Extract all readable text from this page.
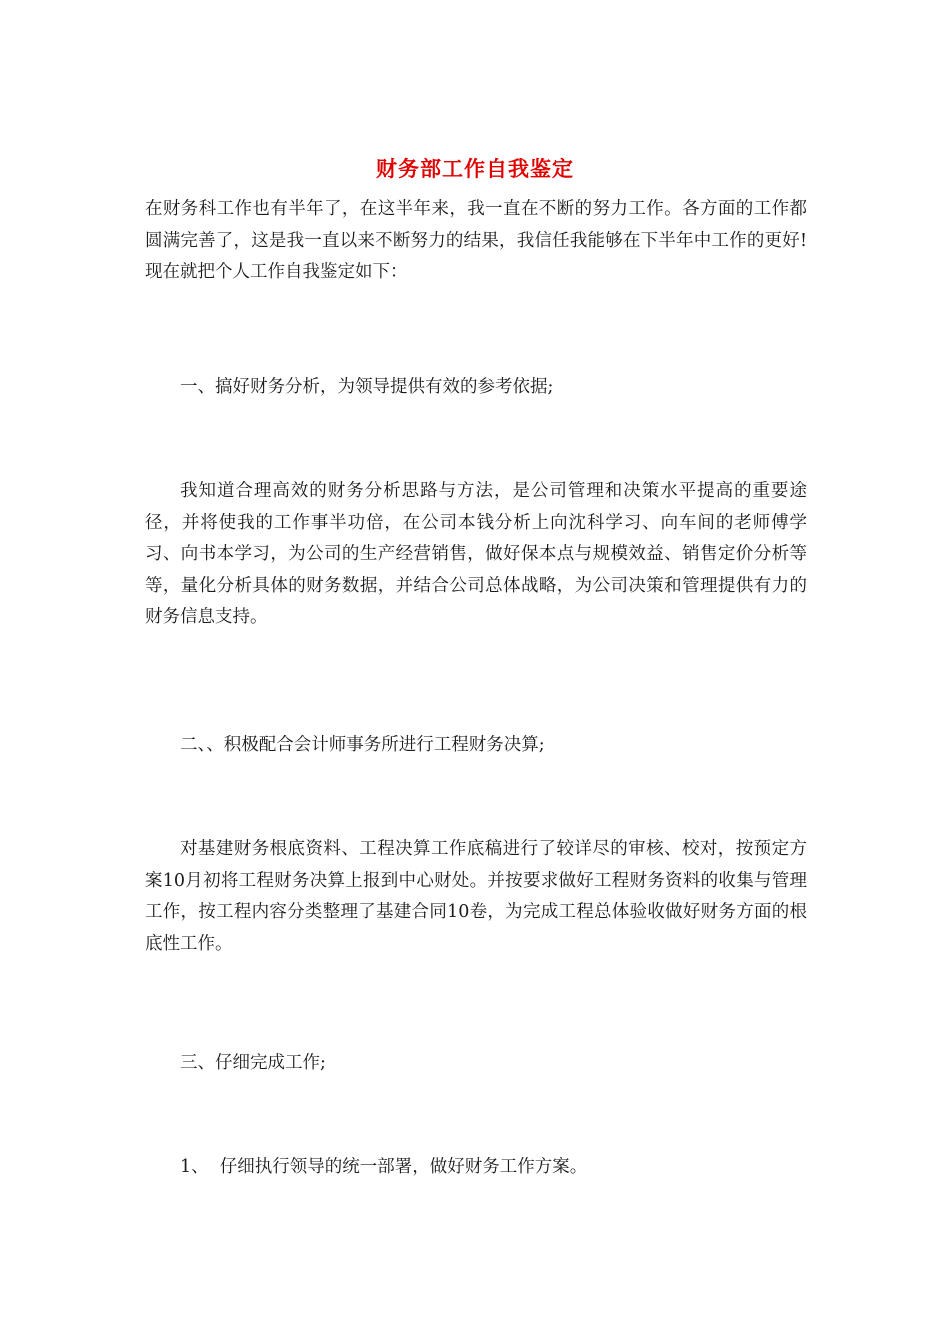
财务部工作自我鉴定

在财务科工作也有半年了，在这半年来，我一直在不断的努力工作。各方面的工作都圆满完善了，这是我一直以来不断努力的结果，我信任我能够在下半年中工作的更好!现在就把个人工作自我鉴定如下：

一、搞好财务分析，为领导提供有效的参考依据;

我知道合理高效的财务分析思路与方法，是公司管理和决策水平提高的重要途径，并将使我的工作事半功倍，在公司本钱分析上向沈科学习、向车间的老师傅学习、向书本学习，为公司的生产经营销售，做好保本点与规模效益、销售定价分析等等，量化分析具体的财务数据，并结合公司总体战略，为公司决策和管理提供有力的财务信息支持。

二、、积极配合会计师事务所进行工程财务决算;

对基建财务根底资料、工程决算工作底稿进行了较详尽的审核、校对，按预定方案10月初将工程财务决算上报到中心财处。并按要求做好工程财务资料的收集与管理工作，按工程内容分类整理了基建合同10卷，为完成工程总体验收做好财务方面的根底性工作。

三、仔细完成工作;

1、  仔细执行领导的统一部署，做好财务工作方案。
